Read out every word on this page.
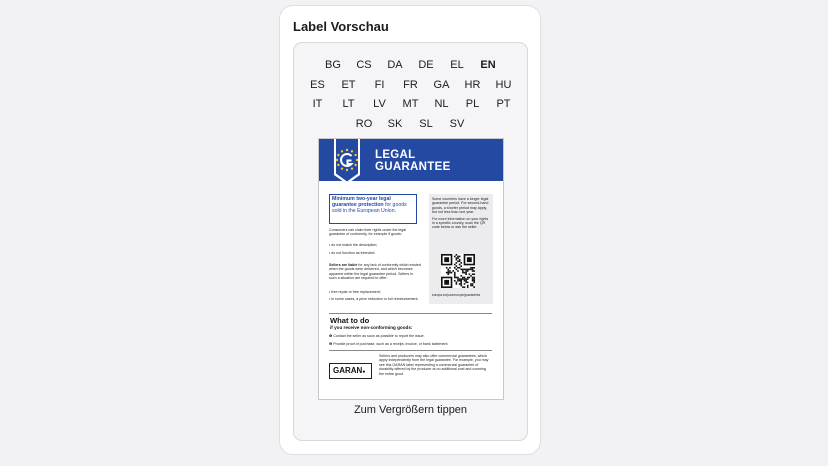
Label Vorschau
BG	CS	DA	DE	EL	EN
ES	ET	FI	FR	GA	HR	HU
IT	LT	LV	MT	NL	PL	PT
RO	SK	SL	SV
LEGAL
GUARANTEE
Minimum two-year legal guarantee protection for goods sold in the European Union.
Consumers can claim their rights under the legal guarantee of conformity, for example if goods:
• do not match the description;
• do not function as intended.
Sellers are liable for any lack of conformity which existed when the goods were delivered, and which becomes apparent within the legal guarantee period. Sellers in such a situation are required to offer:
• free repair or free replacement;
• in some cases, a price reduction or full reimbursement.
Some countries have a longer legal guarantee period. For second-hand goods, a shorter period may apply, but not less than one year.
For more information on your rights in a specific country, scan the QR code below or ask the seller.
europa.eu/youreurope/guarantees
What to do
if you receive non-conforming goods:
❶ Contact the seller as soon as possible to report the issue;
❷ Provide proof of purchase, such as a receipt, invoice, or bank statement.
GARAN●
Sellers and producers may also offer commercial guarantees, which apply independently from the legal guarantee. For example, you may see this GARAN label representing a commercial guarantee of durability offered by the producer at no additional cost and covering the entire good.
Zum Vergrößern tippen
